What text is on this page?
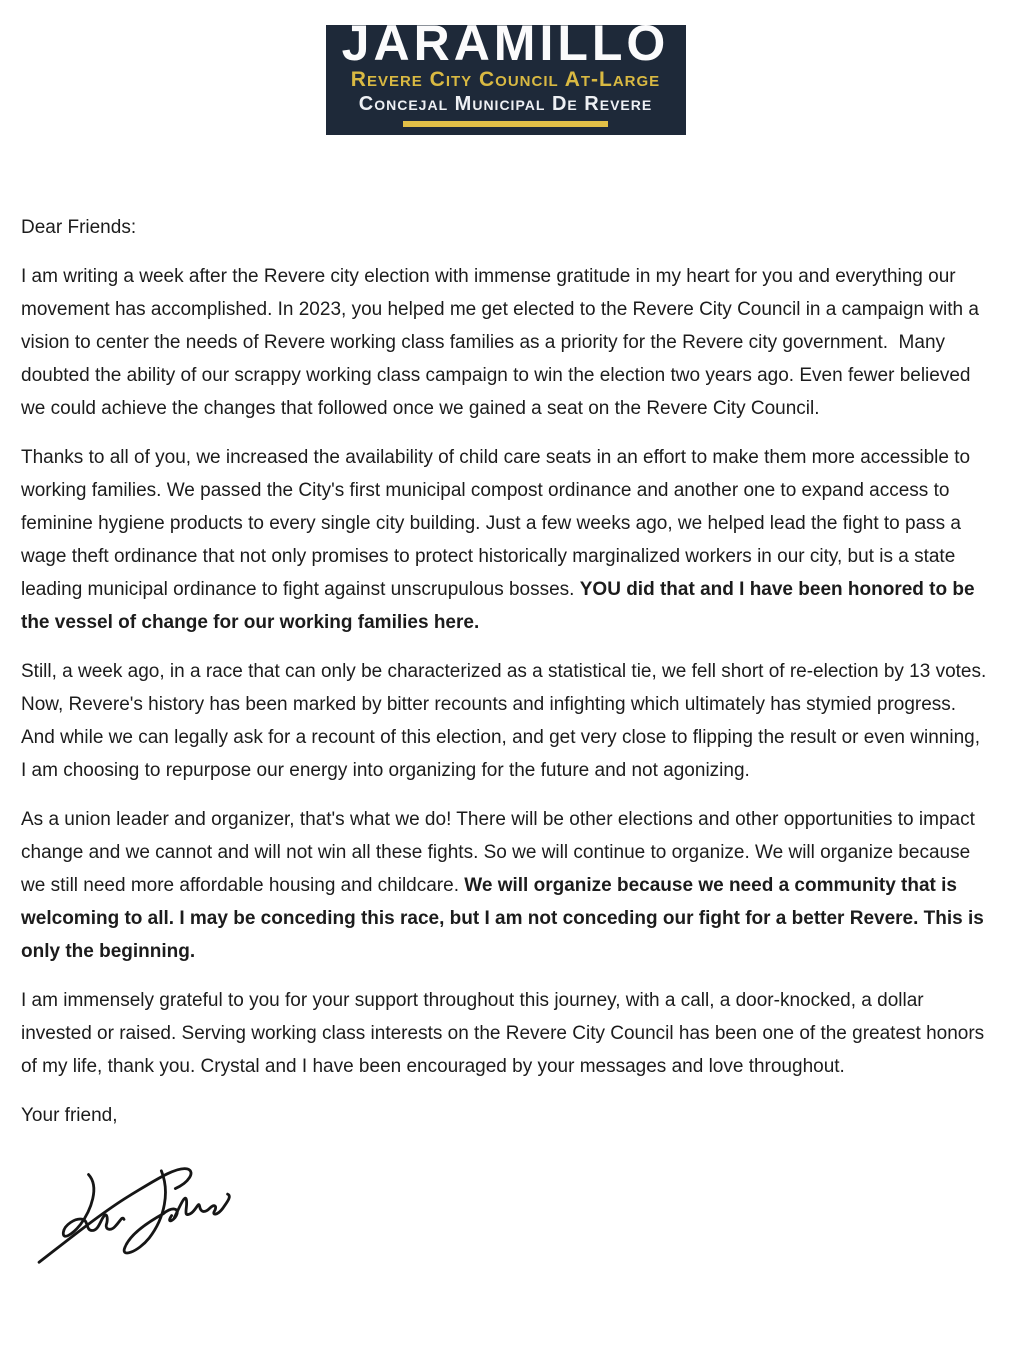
JARAMILLO
Revere City Council At-Large
Concejal Municipal De Revere

Dear Friends:

I am writing a week after the Revere city election with immense gratitude in my heart for you and everything our movement has accomplished. In 2023, you helped me get elected to the Revere City Council in a campaign with a vision to center the needs of Revere working class families as a priority for the Revere city government.  Many doubted the ability of our scrappy working class campaign to win the election two years ago. Even fewer believed we could achieve the changes that followed once we gained a seat on the Revere City Council.

Thanks to all of you, we increased the availability of child care seats in an effort to make them more accessible to working families. We passed the City's first municipal compost ordinance and another one to expand access to feminine hygiene products to every single city building. Just a few weeks ago, we helped lead the fight to pass a wage theft ordinance that not only promises to protect historically marginalized workers in our city, but is a state leading municipal ordinance to fight against unscrupulous bosses. YOU did that and I have been honored to be the vessel of change for our working families here.

Still, a week ago, in a race that can only be characterized as a statistical tie, we fell short of re-election by 13 votes. Now, Revere's history has been marked by bitter recounts and infighting which ultimately has stymied progress. And while we can legally ask for a recount of this election, and get very close to flipping the result or even winning, I am choosing to repurpose our energy into organizing for the future and not agonizing.

As a union leader and organizer, that's what we do! There will be other elections and other opportunities to impact change and we cannot and will not win all these fights. So we will continue to organize. We will organize because we still need more affordable housing and childcare. We will organize because we need a community that is welcoming to all. I may be conceding this race, but I am not conceding our fight for a better Revere. This is only the beginning.

I am immensely grateful to you for your support throughout this journey, with a call, a door-knocked, a dollar invested or raised. Serving working class interests on the Revere City Council has been one of the greatest honors of my life, thank you. Crystal and I have been encouraged by your messages and love throughout.

Your friend,
